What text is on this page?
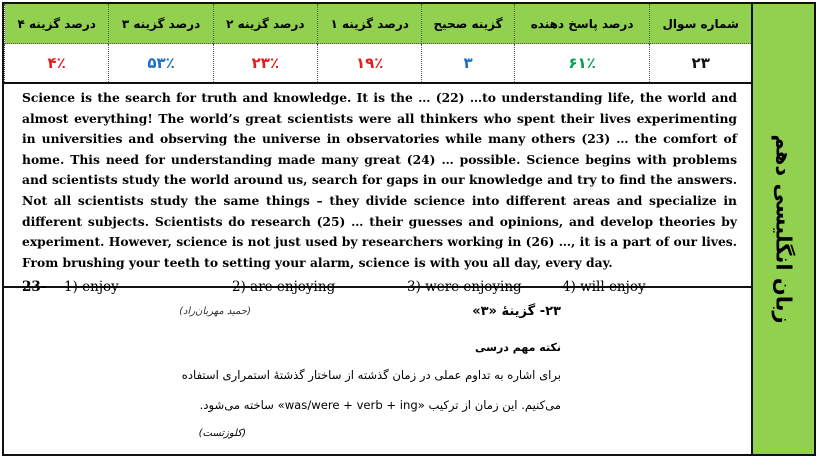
زبان انگلیسی دهم
شماره سوال	درصد پاسخ دهنده	گزینه صحیح	درصد گزینه ۱	درصد گزینه ۲	درصد گزینه ۳	درصد گزینه ۴
۲۳	۶۱٪	۳	۱۹٪	۲۳٪	۵۳٪	۴٪
Science is the search for truth and knowledge. It is the … (22) …to understanding life, the world and almost everything! The world’s great scientists were all thinkers who spent their lives experimenting in universities and observing the universe in observatories while many others (23) … the comfort of home. This need for understanding made many great (24) … possible. Science begins with problems and scientists study the world around us, search for gaps in our knowledge and try to find the answers. Not all scientists study the same things – they divide science into different areas and specialize in different subjects. Scientists do research (25) … their guesses and opinions, and develop theories by experiment. However, science is not just used by researchers working in (26) …, it is a part of our lives. From brushing your teeth to setting your alarm, science is with you all day, every day.
23-	1) enjoy	2) are enjoying	3) were enjoying	4) will enjoy
۲۳- گزینهٔ «۳»
(حمید مهربان‌راد)
نکته مهم درسی
برای اشاره به تداوم عملی در زمان گذشته از ساختار گذشتهٔ استمراری استفاده
می‌کنیم. این زمان از ترکیب «was/were + verb + ing» ساخته می‌شود.
(کلوزتست)
